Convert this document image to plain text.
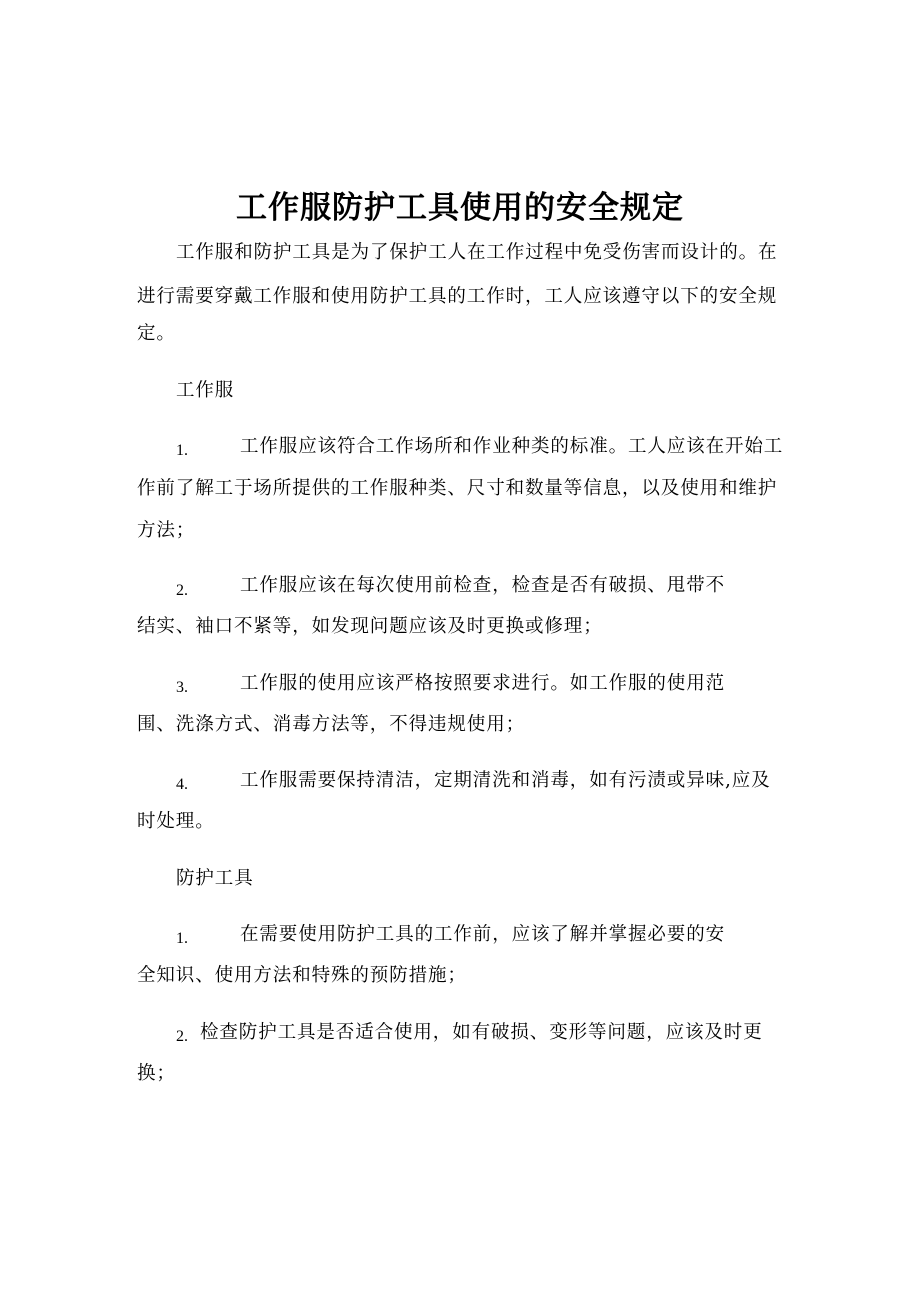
工作服防护工具使用的安全规定

工作服和防护工具是为了保护工人在工作过程中免受伤害而设计的。在

进行需要穿戴工作服和使用防护工具的工作时，工人应该遵守以下的安全规

定。

工作服

1.	工作服应该符合工作场所和作业种类的标准。工人应该在开始工

作前了解工于场所提供的工作服种类、尺寸和数量等信息，以及使用和维护

方法；

2.	工作服应该在每次使用前检查，检查是否有破损、甩带不

结实、袖口不紧等，如发现问题应该及时更换或修理；

3.	工作服的使用应该严格按照要求进行。如工作服的使用范

围、洗涤方式、消毒方法等，不得违规使用；

4.	工作服需要保持清洁，定期清洗和消毒，如有污渍或异味,应及

时处理。

防护工具

1.	在需要使用防护工具的工作前，应该了解并掌握必要的安

全知识、使用方法和特殊的预防措施；

2. 检查防护工具是否适合使用，如有破损、变形等问题，应该及时更

换；
